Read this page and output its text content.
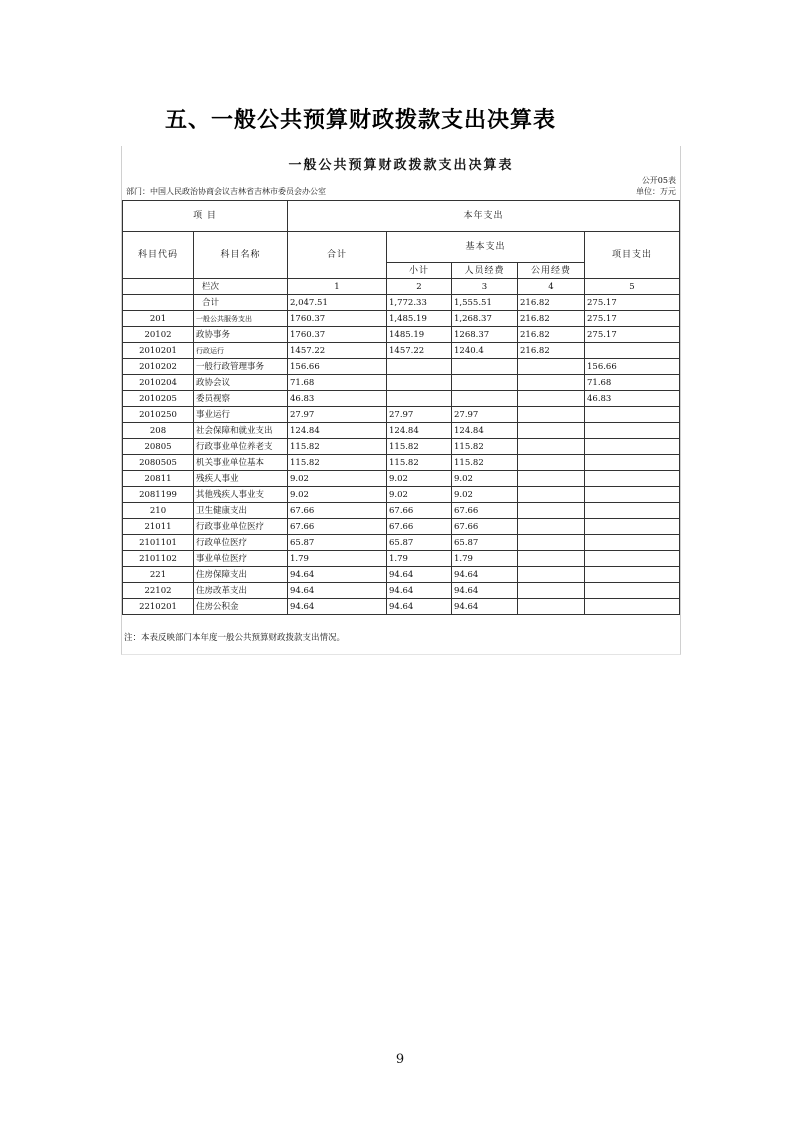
五、一般公共预算财政拨款支出决算表
一般公共预算财政拨款支出决算表
公开05表
部门：中国人民政治协商会议吉林省吉林市委员会办公室	单位：万元
项 目		本年支出				
科目代码	科目名称	合计	基本支出			项目支出
			小计	人员经费	公用经费	
	栏次	1	2	3	4	5
	合计	2,047.51	1,772.33	1,555.51	216.82	275.17
201	一般公共服务支出	1760.37	1,485.19	1,268.37	216.82	275.17
20102	政协事务	1760.37	1485.19	1268.37	216.82	275.17
2010201	行政运行	1457.22	1457.22	1240.4	216.82	
2010202	一般行政管理事务	156.66				156.66
2010204	政协会议	71.68				71.68
2010205	委员视察	46.83				46.83
2010250	事业运行	27.97	27.97	27.97		
208	社会保障和就业支出	124.84	124.84	124.84		
20805	行政事业单位养老支	115.82	115.82	115.82		
2080505	机关事业单位基本	115.82	115.82	115.82		
20811	残疾人事业	9.02	9.02	9.02		
2081199	其他残疾人事业支	9.02	9.02	9.02		
210	卫生健康支出	67.66	67.66	67.66		
21011	行政事业单位医疗	67.66	67.66	67.66		
2101101	行政单位医疗	65.87	65.87	65.87		
2101102	事业单位医疗	1.79	1.79	1.79		
221	住房保障支出	94.64	94.64	94.64		
22102	住房改革支出	94.64	94.64	94.64		
2210201	住房公积金	94.64	94.64	94.64		
注：本表反映部门本年度一般公共预算财政拨款支出情况。
9
